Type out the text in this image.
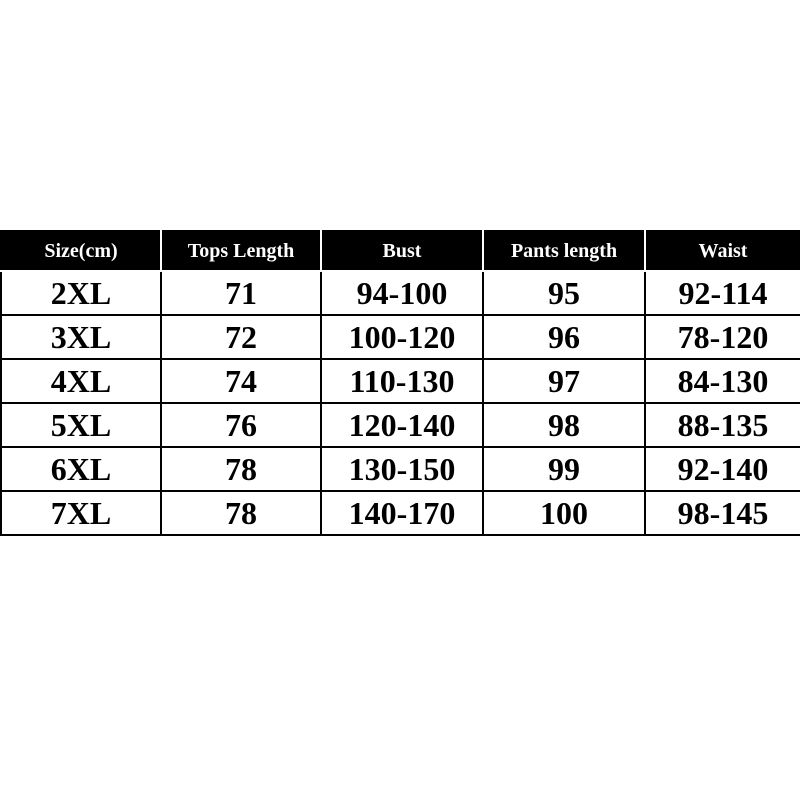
Size(cm)	Tops Length	Bust	Pants length	Waist
2XL	71	94-100	95	92-114
3XL	72	100-120	96	78-120
4XL	74	110-130	97	84-130
5XL	76	120-140	98	88-135
6XL	78	130-150	99	92-140
7XL	78	140-170	100	98-145
